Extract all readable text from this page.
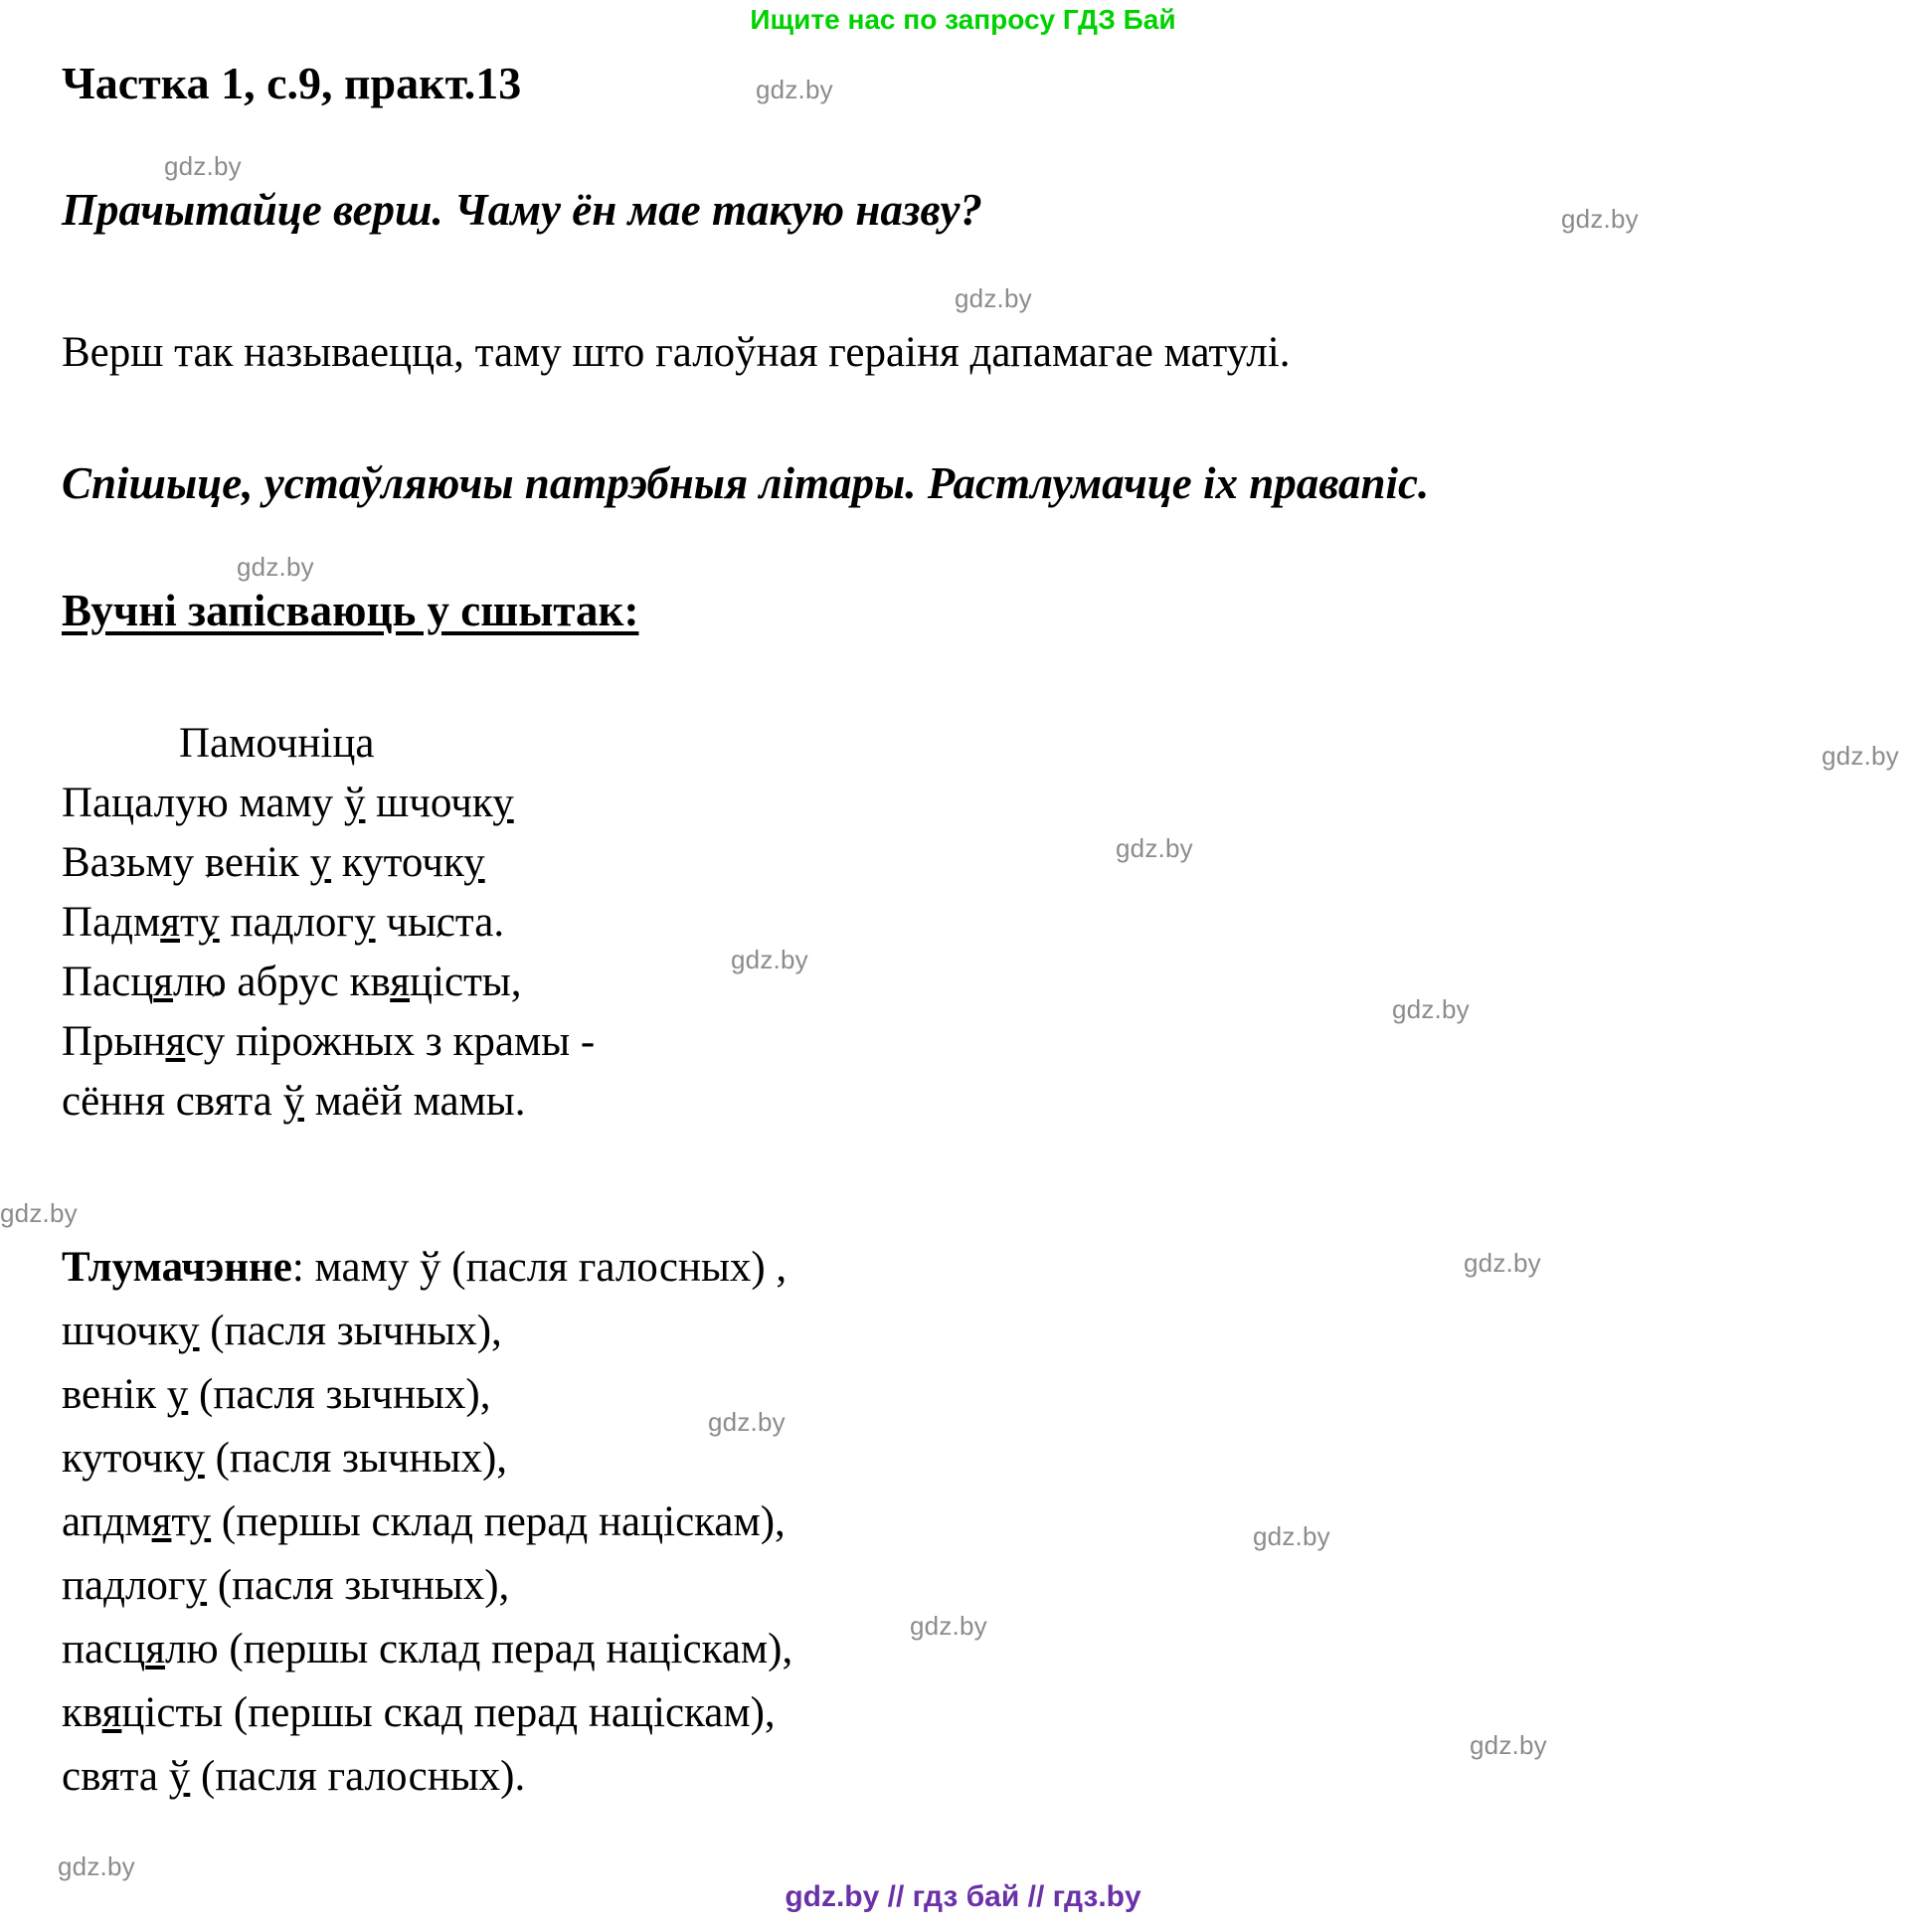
Ищите нас по запросу ГДЗ Бай
Частка 1, с.9, практ.13
Прачытайце верш. Чаму ён мае такую назву?
Верш так называецца, таму што галоўная гераіня дапамагае матулі.
Спішыце, устаўляючы патрэбныя літары. Растлумачце іх правапіс.
Вучні запісваюць у сшытак:
Памочніца
Пацалую маму ў шчочку
Вазьму венік у куточку
Падмяту ´ падлогу чыста.
Пасцялю ´ абрус квяці ´сты,
Прынясу ´ пірожных з крамы -
сёння свята ў маёй мамы.
Тлумачэнне: маму ў (пасля галосных) ,
шчочку (пасля зычных),
венік у (пасля зычных),
куточку (пасля зычных),
апдмяту (першы склад перад націскам),
падлогу (пасля зычных),
пасцялю (першы склад перад націскам),
квяцісты (першы скад перад націскам),
свята ў (пасля галосных).
gdz.by // гдз бай // гдз.by
gdz.by
gdz.by
gdz.by
gdz.by
gdz.by
gdz.by
gdz.by
gdz.by
gdz.by
gdz.by
gdz.by
gdz.by
gdz.by
gdz.by
gdz.by
gdz.by
